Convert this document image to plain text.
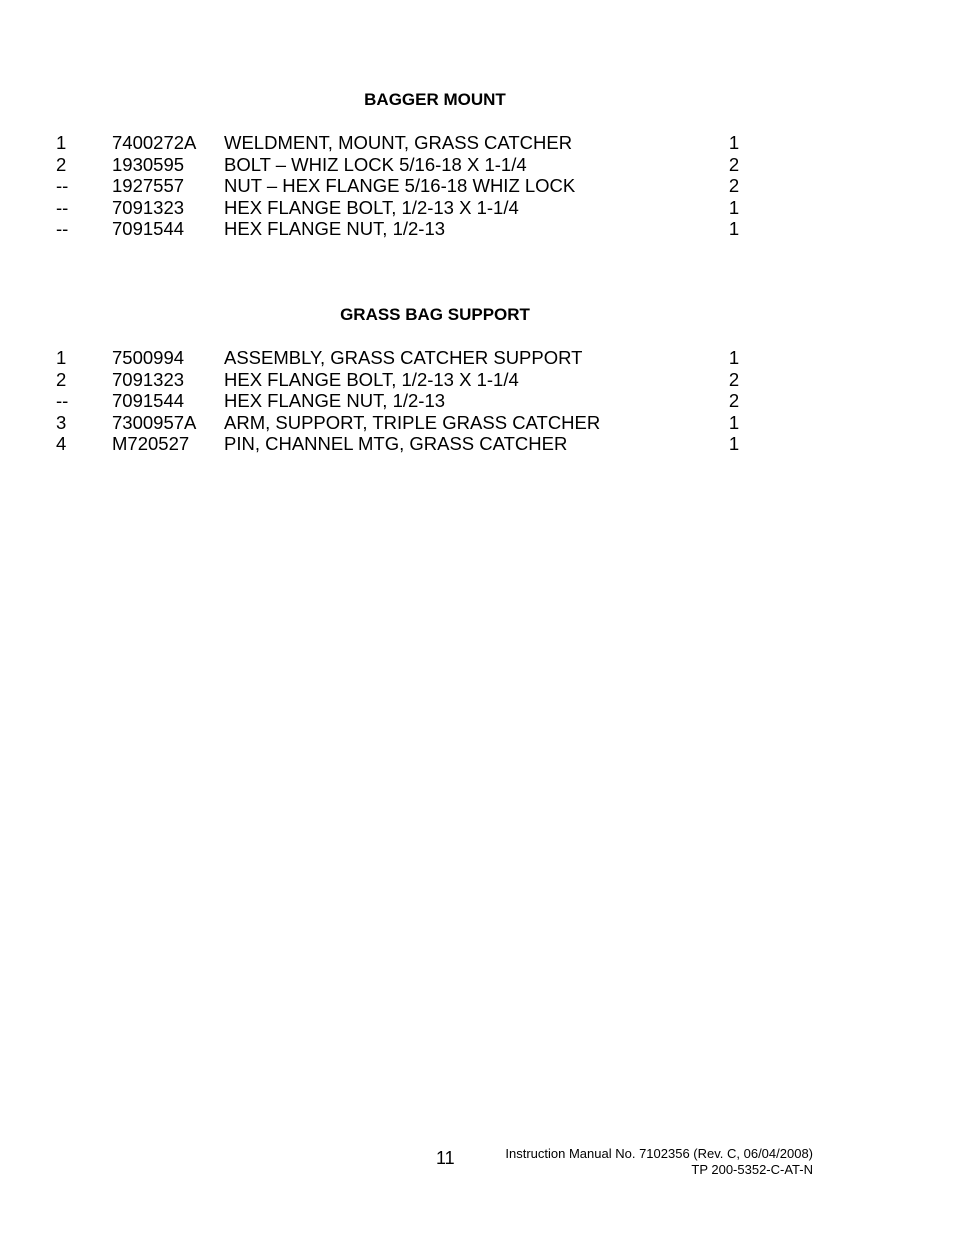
BAGGER MOUNT
1 7400272A WELDMENT, MOUNT, GRASS CATCHER	1
2 1930595 BOLT – WHIZ LOCK 5/16-18 X 1-1/4	2
-- 1927557 NUT – HEX FLANGE 5/16-18 WHIZ LOCK	2
-- 7091323 HEX FLANGE BOLT, 1/2-13 X 1-1/4	1
-- 7091544 HEX FLANGE NUT, 1/2-13	1
GRASS BAG SUPPORT
1 7500994 ASSEMBLY, GRASS CATCHER SUPPORT	1
2 7091323 HEX FLANGE BOLT, 1/2-13 X 1-1/4	2
-- 7091544 HEX FLANGE NUT, 1/2-13	2
3 7300957A ARM, SUPPORT, TRIPLE GRASS CATCHER	1
4 M720527 PIN, CHANNEL MTG, GRASS CATCHER	1
11	Instruction Manual No. 7102356 (Rev. C, 06/04/2008)
TP 200-5352-C-AT-N
